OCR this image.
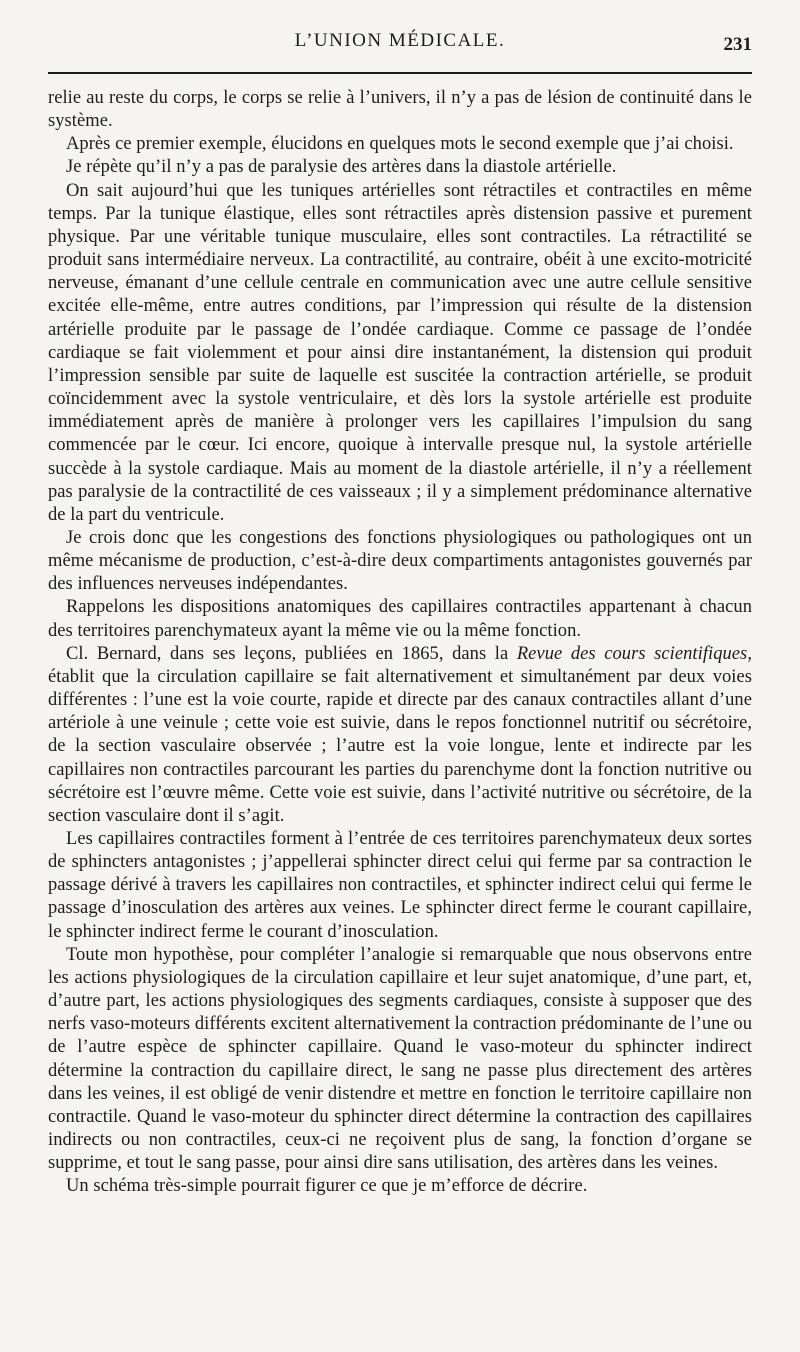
L’UNION MÉDICALE.	231

relie au reste du corps, le corps se relie à l’univers, il n’y a pas de lésion de continuité dans le système.

Après ce premier exemple, élucidons en quelques mots le second exemple que j’ai choisi.

Je répète qu’il n’y a pas de paralysie des artères dans la diastole artérielle.

On sait aujourd’hui que les tuniques artérielles sont rétractiles et contractiles en même temps. Par la tunique élastique, elles sont rétractiles après distension passive et purement physique. Par une véritable tunique musculaire, elles sont contractiles. La rétractilité se produit sans intermédiaire nerveux. La contractilité, au contraire, obéit à une excito-motricité nerveuse, émanant d’une cellule centrale en communication avec une autre cellule sensitive excitée elle-même, entre autres conditions, par l’impression qui résulte de la distension artérielle produite par le passage de l’ondée cardiaque. Comme ce passage de l’ondée cardiaque se fait violemment et pour ainsi dire instantanément, la distension qui produit l’impression sensible par suite de laquelle est suscitée la contraction artérielle, se produit coïncidemment avec la systole ventriculaire, et dès lors la systole artérielle est produite immédiatement après de manière à prolonger vers les capillaires l’impulsion du sang commencée par le cœur. Ici encore, quoique à intervalle presque nul, la systole artérielle succède à la systole cardiaque. Mais au moment de la diastole artérielle, il n’y a réellement pas paralysie de la contractilité de ces vaisseaux ; il y a simplement prédominance alternative de la part du ventricule.

Je crois donc que les congestions des fonctions physiologiques ou pathologiques ont un même mécanisme de production, c’est-à-dire deux compartiments antagonistes gouvernés par des influences nerveuses indépendantes.

Rappelons les dispositions anatomiques des capillaires contractiles appartenant à chacun des territoires parenchymateux ayant la même vie ou la même fonction.

Cl. Bernard, dans ses leçons, publiées en 1865, dans la Revue des cours scientifiques, établit que la circulation capillaire se fait alternativement et simultanément par deux voies différentes : l’une est la voie courte, rapide et directe par des canaux contractiles allant d’une artériole à une veinule ; cette voie est suivie, dans le repos fonctionnel nutritif ou sécrétoire, de la section vasculaire observée ; l’autre est la voie longue, lente et indirecte par les capillaires non contractiles parcourant les parties du parenchyme dont la fonction nutritive ou sécrétoire est l’œuvre même. Cette voie est suivie, dans l’activité nutritive ou sécrétoire, de la section vasculaire dont il s’agit.

Les capillaires contractiles forment à l’entrée de ces territoires parenchymateux deux sortes de sphincters antagonistes ; j’appellerai sphincter direct celui qui ferme par sa contraction le passage dérivé à travers les capillaires non contractiles, et sphincter indirect celui qui ferme le passage d’inosculation des artères aux veines. Le sphincter direct ferme le courant capillaire, le sphincter indirect ferme le courant d’inosculation.

Toute mon hypothèse, pour compléter l’analogie si remarquable que nous observons entre les actions physiologiques de la circulation capillaire et leur sujet anatomique, d’une part, et, d’autre part, les actions physiologiques des segments cardiaques, consiste à supposer que des nerfs vaso-moteurs différents excitent alternativement la contraction prédominante de l’une ou de l’autre espèce de sphincter capillaire. Quand le vaso-moteur du sphincter indirect détermine la contraction du capillaire direct, le sang ne passe plus directement des artères dans les veines, il est obligé de venir distendre et mettre en fonction le territoire capillaire non contractile. Quand le vaso-moteur du sphincter direct détermine la contraction des capillaires indirects ou non contractiles, ceux-ci ne reçoivent plus de sang, la fonction d’organe se supprime, et tout le sang passe, pour ainsi dire sans utilisation, des artères dans les veines.

Un schéma très-simple pourrait figurer ce que je m’efforce de décrire.
